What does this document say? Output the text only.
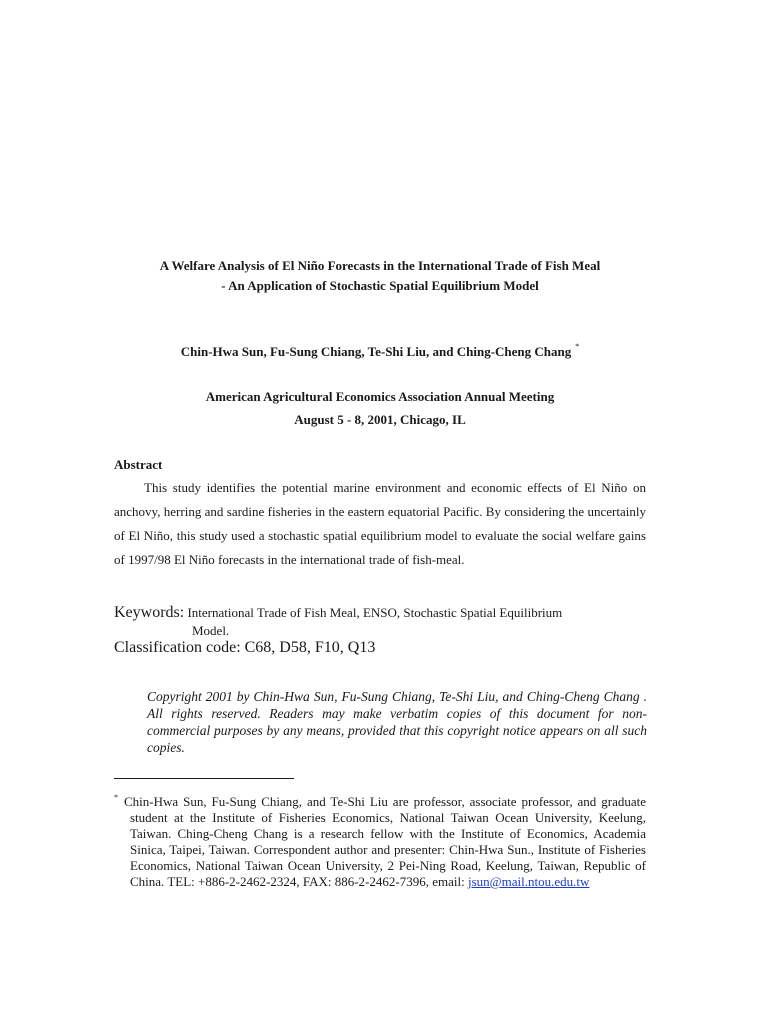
A Welfare Analysis of El Niño Forecasts in the International Trade of Fish Meal
- An Application of Stochastic Spatial Equilibrium Model
Chin-Hwa Sun, Fu-Sung Chiang, Te-Shi Liu, and Ching-Cheng Chang *
American Agricultural Economics Association Annual Meeting
August 5 - 8, 2001, Chicago, IL
Abstract
This study identifies the potential marine environment and economic effects of El Niño on anchovy, herring and sardine fisheries in the eastern equatorial Pacific. By considering the uncertainly of El Niño, this study used a stochastic spatial equilibrium model to evaluate the social welfare gains of 1997/98 El Niño forecasts in the international trade of fish-meal.
Keywords: International Trade of Fish Meal, ENSO, Stochastic Spatial Equilibrium
Model.
Classification code: C68, D58, F10, Q13
Copyright 2001 by Chin-Hwa Sun, Fu-Sung Chiang, Te-Shi Liu, and Ching-Cheng Chang . All rights reserved. Readers may make verbatim copies of this document for non-commercial purposes by any means, provided that this copyright notice appears on all such copies.
* Chin-Hwa Sun, Fu-Sung Chiang, and Te-Shi Liu are professor, associate professor, and graduate student at the Institute of Fisheries Economics, National Taiwan Ocean University, Keelung, Taiwan. Ching-Cheng Chang is a research fellow with the Institute of Economics, Academia Sinica, Taipei, Taiwan. Correspondent author and presenter: Chin-Hwa Sun., Institute of Fisheries Economics, National Taiwan Ocean University, 2 Pei-Ning Road, Keelung, Taiwan, Republic of China. TEL: +886-2-2462-2324, FAX: 886-2-2462-7396, email: jsun@mail.ntou.edu.tw
